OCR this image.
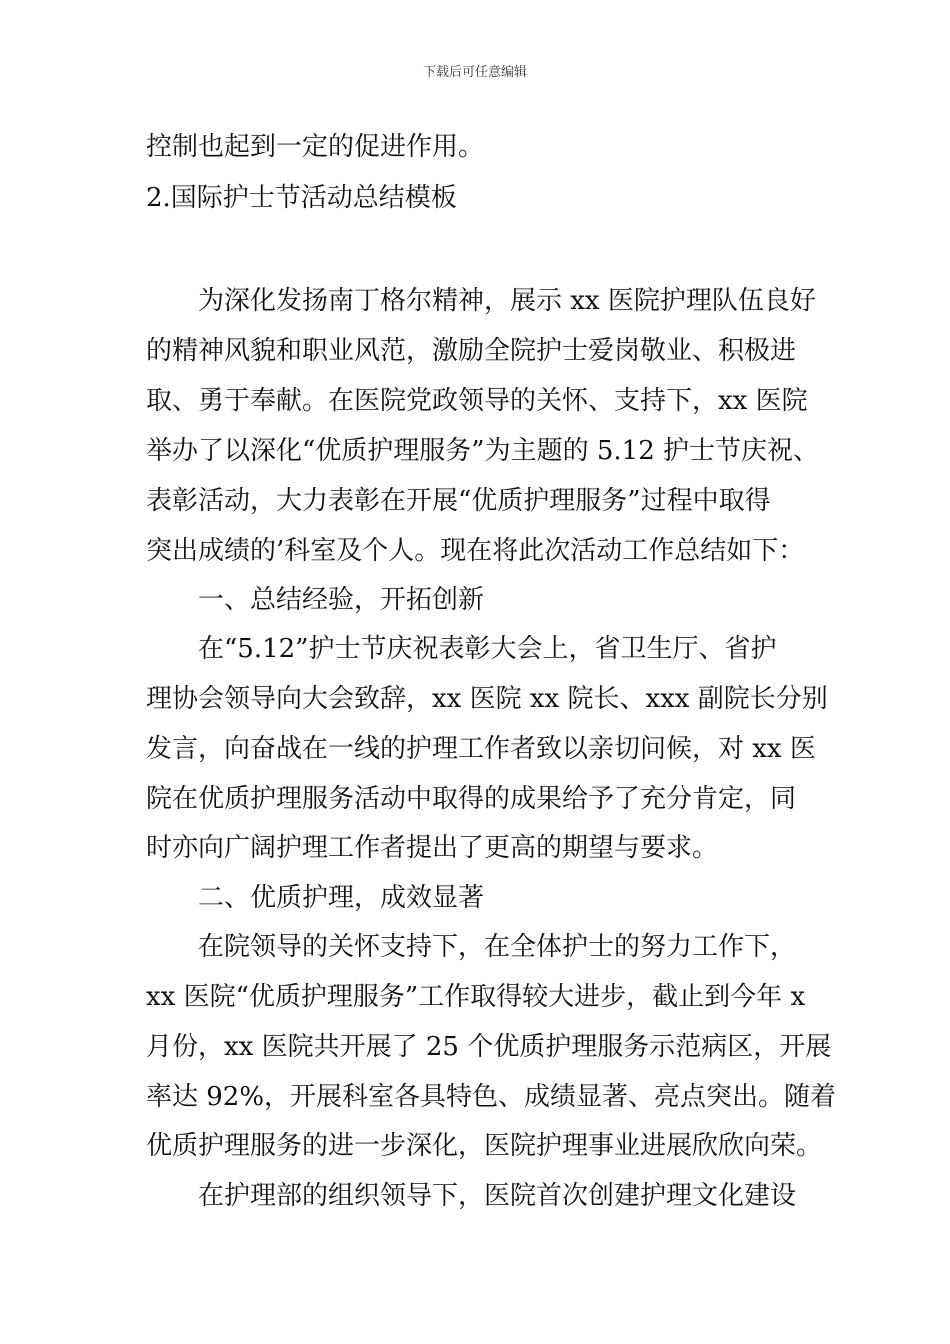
下载后可任意编辑
控制也起到一定的促进作用。
2.国际护士节活动总结模板
为深化发扬南丁格尔精神，展示 xx 医院护理队伍良好
的精神风貌和职业风范，激励全院护士爱岗敬业、积极进
取、勇于奉献。在医院党政领导的关怀、支持下，xx 医院
举办了以深化“优质护理服务”为主题的 5.12 护士节庆祝、
表彰活动，大力表彰在开展“优质护理服务”过程中取得
突出成绩的’科室及个人。现在将此次活动工作总结如下：
一、总结经验，开拓创新
在“5.12”护士节庆祝表彰大会上，省卫生厅、省护
理协会领导向大会致辞，xx 医院 xx 院长、xxx 副院长分别
发言，向奋战在一线的护理工作者致以亲切问候，对 xx 医
院在优质护理服务活动中取得的成果给予了充分肯定，同
时亦向广阔护理工作者提出了更高的期望与要求。
二、优质护理，成效显著
在院领导的关怀支持下，在全体护士的努力工作下，
xx 医院“优质护理服务”工作取得较大进步，截止到今年 x
月份，xx 医院共开展了 25 个优质护理服务示范病区，开展
率达 92%，开展科室各具特色、成绩显著、亮点突出。随着
优质护理服务的进一步深化，医院护理事业进展欣欣向荣。
在护理部的组织领导下，医院首次创建护理文化建设
